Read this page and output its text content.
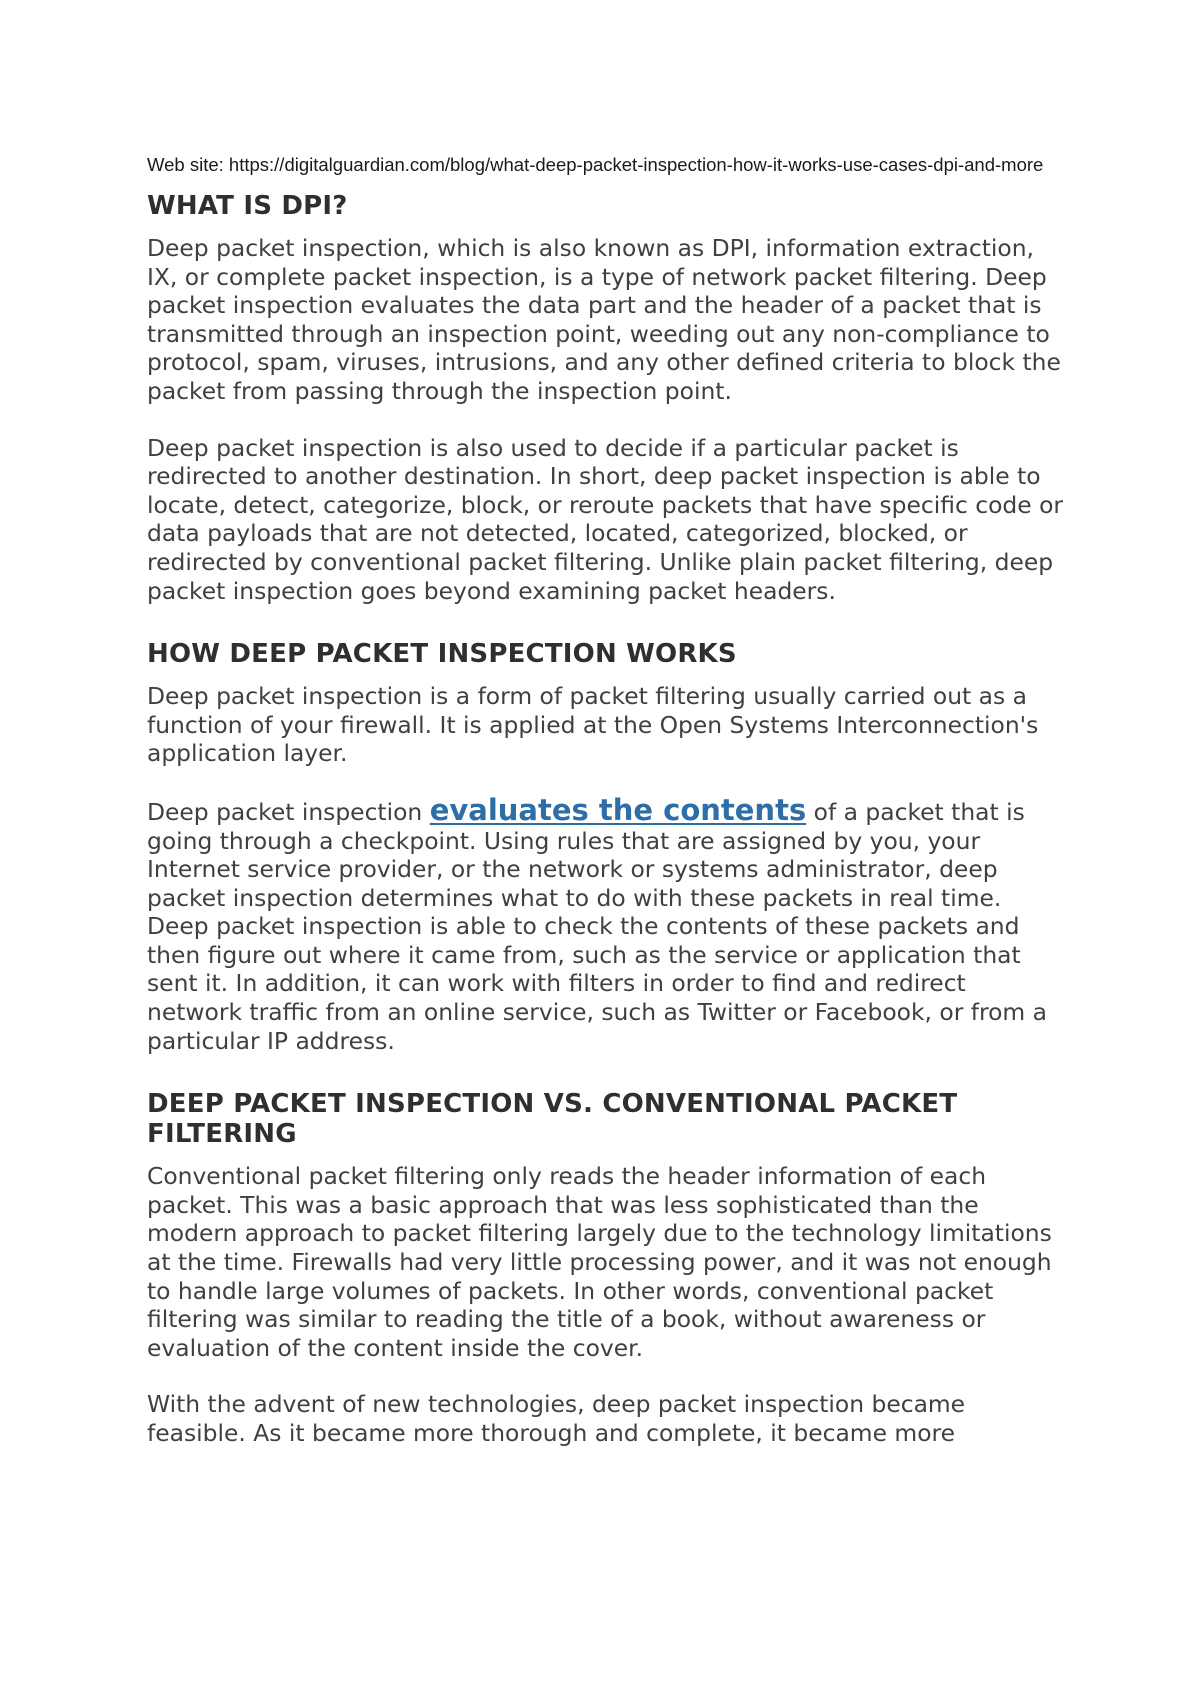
Web site: https://digitalguardian.com/blog/what-deep-packet-inspection-how-it-works-use-cases-dpi-and-more

WHAT IS DPI?

Deep packet inspection, which is also known as DPI, information extraction, IX, or complete packet inspection, is a type of network packet filtering. Deep packet inspection evaluates the data part and the header of a packet that is transmitted through an inspection point, weeding out any non-compliance to protocol, spam, viruses, intrusions, and any other defined criteria to block the packet from passing through the inspection point.

Deep packet inspection is also used to decide if a particular packet is redirected to another destination. In short, deep packet inspection is able to locate, detect, categorize, block, or reroute packets that have specific code or data payloads that are not detected, located, categorized, blocked, or redirected by conventional packet filtering. Unlike plain packet filtering, deep packet inspection goes beyond examining packet headers.

HOW DEEP PACKET INSPECTION WORKS

Deep packet inspection is a form of packet filtering usually carried out as a function of your firewall. It is applied at the Open Systems Interconnection's application layer.

Deep packet inspection evaluates the contents of a packet that is going through a checkpoint. Using rules that are assigned by you, your Internet service provider, or the network or systems administrator, deep packet inspection determines what to do with these packets in real time. Deep packet inspection is able to check the contents of these packets and then figure out where it came from, such as the service or application that sent it. In addition, it can work with filters in order to find and redirect network traffic from an online service, such as Twitter or Facebook, or from a particular IP address.

DEEP PACKET INSPECTION VS. CONVENTIONAL PACKET FILTERING

Conventional packet filtering only reads the header information of each packet. This was a basic approach that was less sophisticated than the modern approach to packet filtering largely due to the technology limitations at the time. Firewalls had very little processing power, and it was not enough to handle large volumes of packets. In other words, conventional packet filtering was similar to reading the title of a book, without awareness or evaluation of the content inside the cover.

With the advent of new technologies, deep packet inspection became feasible. As it became more thorough and complete, it became more
